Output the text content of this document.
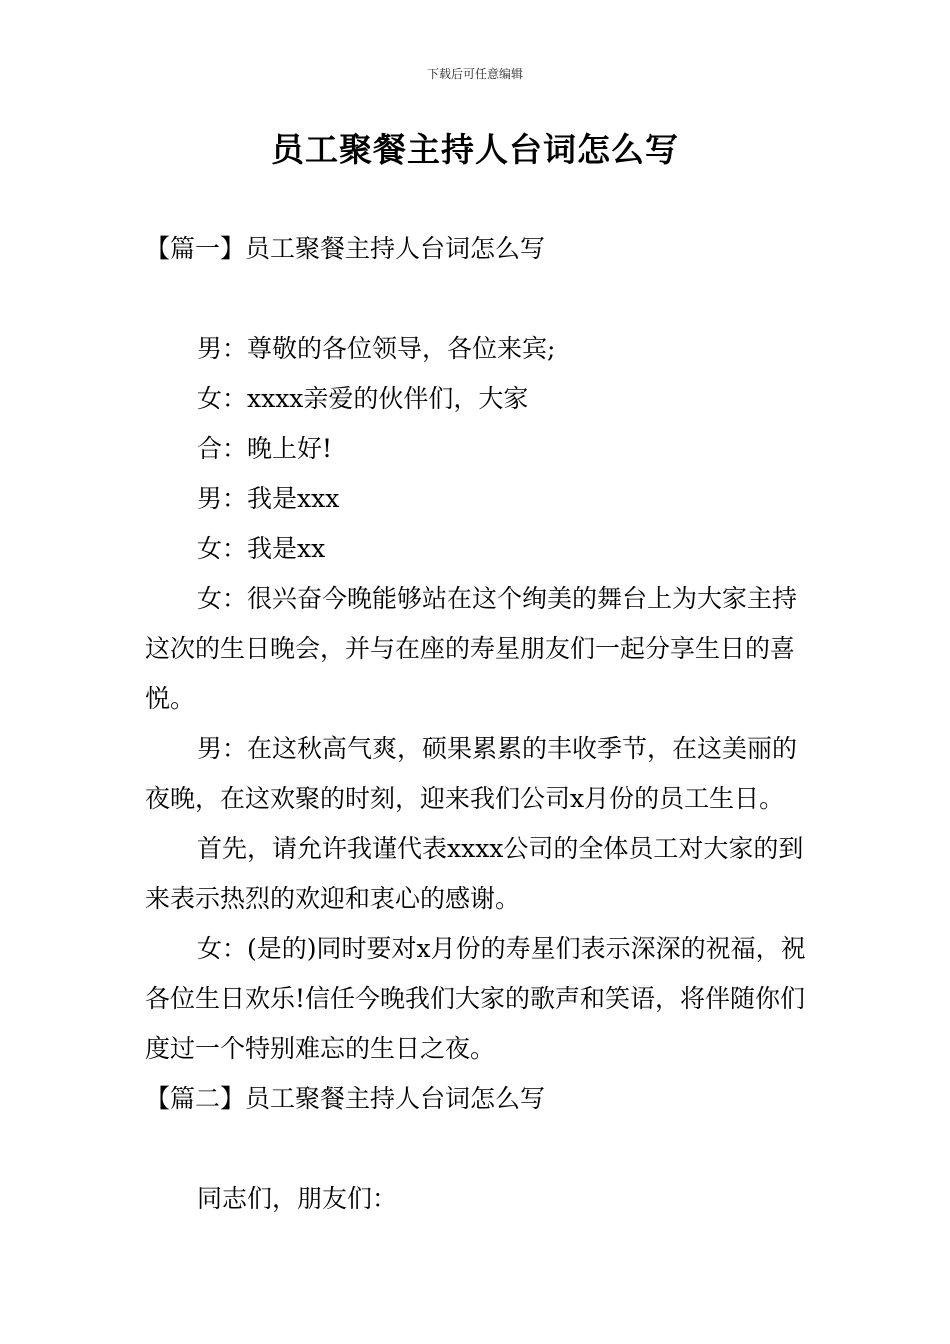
下载后可任意编辑
员工聚餐主持人台词怎么写

【篇一】员工聚餐主持人台词怎么写

男：尊敬的各位领导，各位来宾;

女：xxxx亲爱的伙伴们，大家

合：晚上好!

男：我是xxx

女：我是xx

女：很兴奋今晚能够站在这个绚美的舞台上为大家主持这次的生日晚会，并与在座的寿星朋友们一起分享生日的喜悦。

男：在这秋高气爽，硕果累累的丰收季节，在这美丽的夜晚，在这欢聚的时刻，迎来我们公司x月份的员工生日。

首先，请允许我谨代表xxxx公司的全体员工对大家的到来表示热烈的欢迎和衷心的感谢。

女：(是的)同时要对x月份的寿星们表示深深的祝福，祝各位生日欢乐!信任今晚我们大家的歌声和笑语，将伴随你们度过一个特别难忘的生日之夜。

【篇二】员工聚餐主持人台词怎么写

同志们，朋友们：
